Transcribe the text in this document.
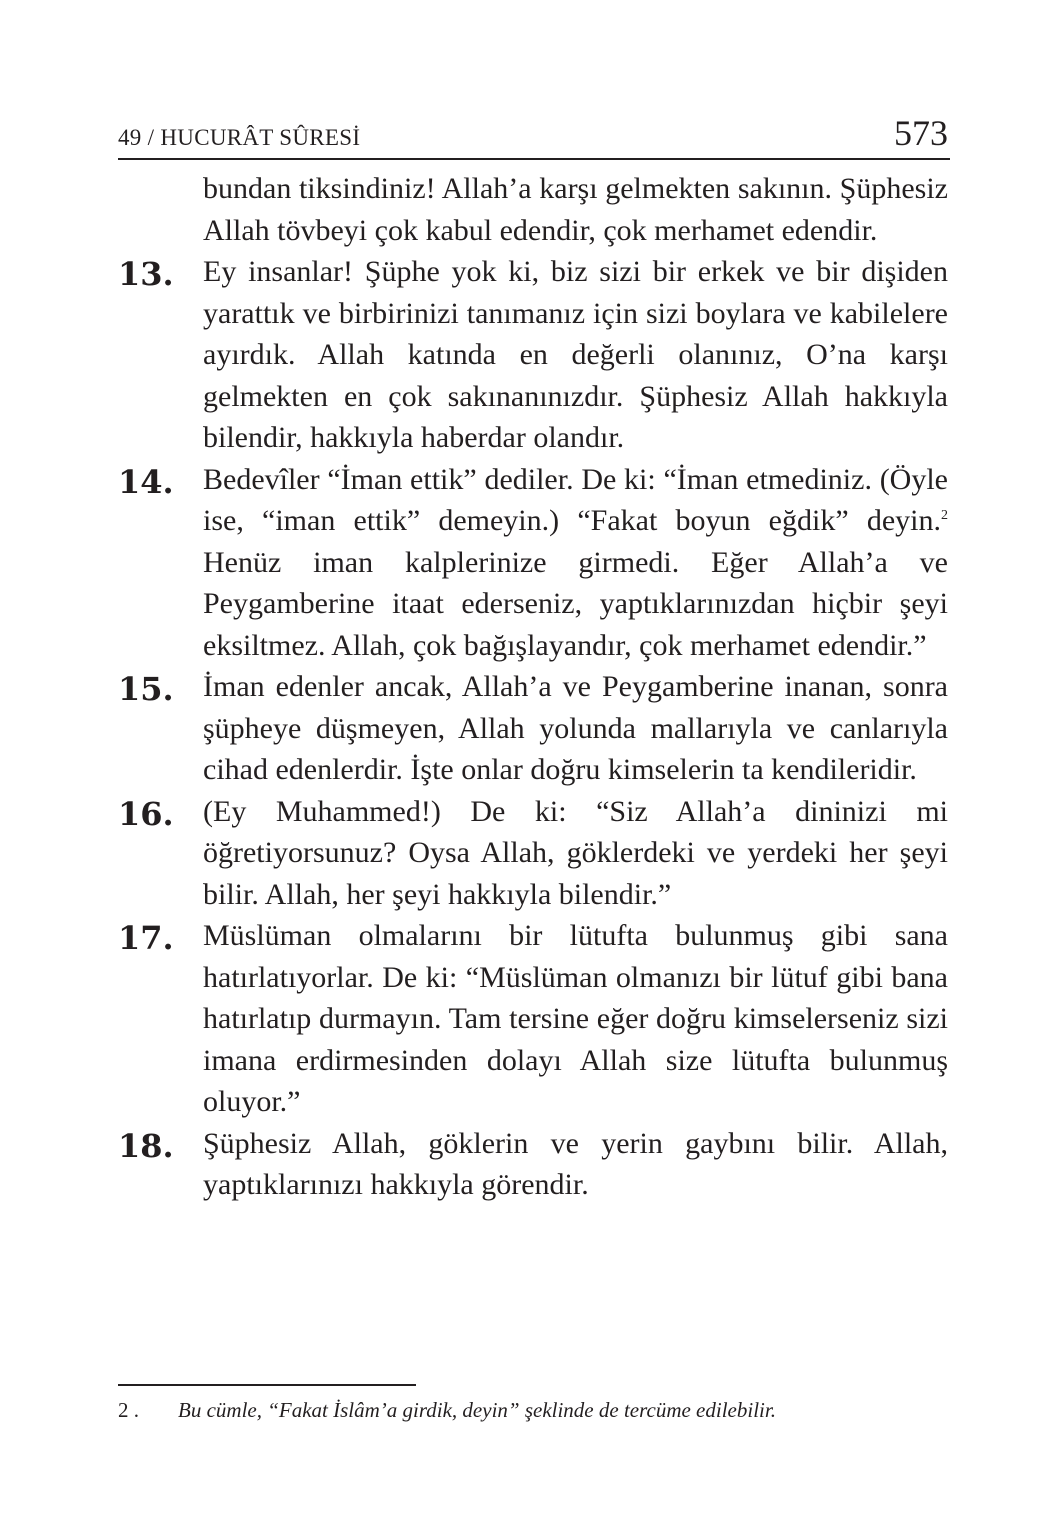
49 / HUCURÂT SÛRESİ	573
bundan tiksindiniz! Allah’a karşı gelmekten sakının. Şüphesiz Allah tövbeyi çok kabul edendir, çok merhamet edendir.
13. Ey insanlar! Şüphe yok ki, biz sizi bir erkek ve bir dişiden yarattık ve birbirinizi tanımanız için sizi boylara ve kabilelere ayırdık. Allah katında en değerli olanınız, O’na karşı gelmekten en çok sakınanınızdır. Şüphesiz Allah hakkıyla bilendir, hakkıyla haberdar olandır.
14. Bedevîler “İman ettik” dediler. De ki: “İman etmediniz. (Öyle ise, “iman ettik” demeyin.) “Fakat boyun eğdik” deyin.$^2$ Henüz iman kalplerinize girmedi. Eğer Allah’a ve Peygamberine itaat ederseniz, yaptıklarınızdan hiçbir şeyi eksiltmez. Allah, çok bağışlayandır, çok merhamet edendir.”
15. İman edenler ancak, Allah’a ve Peygamberine inanan, sonra şüpheye düşmeyen, Allah yolunda mallarıyla ve canlarıyla cihad edenlerdir. İşte onlar doğru kimselerin ta kendileridir.
16. (Ey Muhammed!) De ki: “Siz Allah’a dininizi mi öğretiyorsunuz? Oysa Allah, göklerdeki ve yerdeki her şeyi bilir. Allah, her şeyi hakkıyla bilendir.”
17. Müslüman olmalarını bir lütufta bulunmuş gibi sana hatırlatıyorlar. De ki: “Müslüman olmanızı bir lütuf gibi bana hatırlatıp durmayın. Tam tersine eğer doğru kimselerseniz sizi imana erdirmesinden dolayı Allah size lütufta bulunmuş oluyor.”
18. Şüphesiz Allah, göklerin ve yerin gaybını bilir. Allah, yaptıklarınızı hakkıyla görendir.
2 . Bu cümle, “Fakat İslâm’a girdik, deyin” şeklinde de tercüme edilebilir.
